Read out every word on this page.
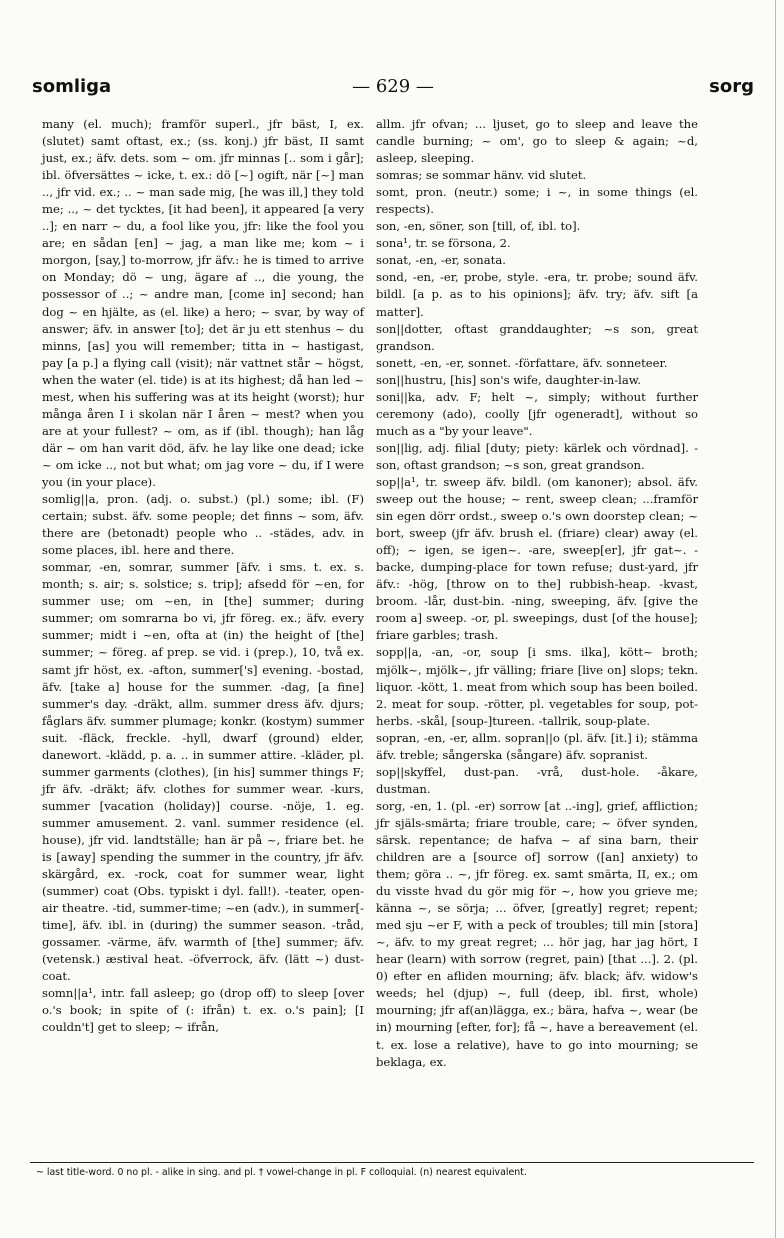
somliga	— 629 —	sorg

many (el. much); framför superl., jfr bäst, I, ex. (slutet) samt oftast, ex.; (ss. konj.) jfr bäst, II samt just, ex.; äfv. dets. som ~ om. jfr minnas [.. som i går]; ibl. öfversättes ~ icke, t. ex.: dö [~] ogift, när [~] man .., jfr vid. ex.; .. ~ man sade mig, [he was ill,] they told me; .., ~ det tycktes, [it had been], it appeared [a very ..]; en narr ~ du, a fool like you, jfr: like the fool you are; en sådan [en] ~ jag, a man like me; kom ~ i morgon, [say,] to-morrow, jfr äfv.: he is timed to arrive on Monday; dö ~ ung, ägare af .., die young, the possessor of ..; ~ andre man, [come in] second; han dog ~ en hjälte, as (el. like) a hero; ~ svar, by way of answer; äfv. in answer [to]; det är ju ett stenhus ~ du minns, [as] you will remember; titta in ~ hastigast, pay [a p.] a flying call (visit); när vattnet står ~ högst, when the water (el. tide) is at its highest; då han led ~ mest, when his suffering was at its height (worst); hur många åren I i skolan när I åren ~ mest? when you are at your fullest? ~ om, as if (ibl. though); han låg där ~ om han varit död, äfv. he lay like one dead; icke ~ om icke .., not but what; om jag vore ~ du, if I were you (in your place).

somlig||a, pron. (adj. o. subst.) (pl.) some; ibl. (F) certain; subst. äfv. some people; det finns ~ som, äfv. there are (betonadt) people who .. -städes, adv. in some places, ibl. here and there.

sommar, -en, somrar, summer [äfv. i sms. t. ex. s. month; s. air; s. solstice; s. trip]; afsedd för ~en, for summer use; om ~en, in [the] summer; during summer; om somrarna bo vi, jfr föreg. ex.; äfv. every summer; midt i ~en, ofta at (in) the height of [the] summer; ~ föreg. af prep. se vid. i (prep.), 10, två ex. samt jfr höst, ex. -afton, summer['s] evening. -bostad, äfv. [take a] house for the summer. -dag, [a fine] summer's day. -dräkt, allm. summer dress äfv. djurs; fåglars äfv. summer plumage; konkr. (kostym) summer suit. -fläck, freckle. -hyll, dwarf (ground) elder, danewort. -klädd, p. a. .. in summer attire. -kläder, pl. summer garments (clothes), [in his] summer things F; jfr äfv. -dräkt; äfv. clothes for summer wear. -kurs, summer [vacation (holiday)] course. -nöje, 1. eg. summer amusement. 2. vanl. summer residence (el. house), jfr vid. landtställe; han är på ~, friare bet. he is [away] spending the summer in the country, jfr äfv. skärgård, ex. -rock, coat for summer wear, light (summer) coat (Obs. typiskt i dyl. fall!). -teater, open-air theatre. -tid, summer-time; ~en (adv.), in summer[-time], äfv. ibl. in (during) the summer season. -tråd, gossamer. -värme, äfv. warmth of [the] summer; äfv. (vetensk.) æstival heat. -öfverrock, äfv. (lätt ~) dust-coat.

somn||a¹, intr. fall asleep; go (drop off) to sleep [over o.'s book; in spite of (: ifrån) t. ex. o.'s pain]; [I couldn't] get to sleep; ~ ifrån,

allm. jfr ofvan; ... ljuset, go to sleep and leave the candle burning; ~ om', go to sleep & again; ~d, asleep, sleeping.

somras; se sommar hänv. vid slutet.

somt, pron. (neutr.) some; i ~, in some things (el. respects).

son, -en, söner, son [till, of, ibl. to].

sona¹, tr. se försona, 2.

sonat, -en, -er, sonata.

sond, -en, -er, probe, style. -era, tr. probe; sound äfv. bildl. [a p. as to his opinions]; äfv. try; äfv. sift [a matter].

son||dotter, oftast granddaughter; ~s son, great grandson.

sonett, -en, -er, sonnet. -författare, äfv. sonneteer.

son||hustru, [his] son's wife, daughter-in-law.

soni||ka, adv. F; helt ~, simply; without further ceremony (ado), coolly [jfr ogeneradt], without so much as a "by your leave".

son||lig, adj. filial [duty; piety: kärlek och vördnad]. -son, oftast grandson; ~s son, great grandson.

sop||a¹, tr. sweep äfv. bildl. (om kanoner); absol. äfv. sweep out the house; ~ rent, sweep clean; ...framför sin egen dörr ordst., sweep o.'s own doorstep clean; ~ bort, sweep (jfr äfv. brush el. (friare) clear) away (el. off); ~ igen, se igen~. -are, sweep[er], jfr gat~. -backe, dumping-place for town refuse; dust-yard, jfr äfv.: -hög, [throw on to the] rubbish-heap. -kvast, broom. -lår, dust-bin. -ning, sweeping, äfv. [give the room a] sweep. -or, pl. sweepings, dust [of the house]; friare garbles; trash.

sopp||a, -an, -or, soup [i sms. ilka], kött~ broth; mjölk~, mjölk~, jfr välling; friare [live on] slops; tekn. liquor. -kött, 1. meat from which soup has been boiled. 2. meat for soup. -rötter, pl. vegetables for soup, pot-herbs. -skål, [soup-]tureen. -tallrik, soup-plate.

sopran, -en, -er, allm. sopran||o (pl. äfv. [it.] i); stämma äfv. treble; sångerska (sångare) äfv. sopranist.

sop||skyffel, dust-pan. -vrå, dust-hole. -åkare, dustman.

sorg, -en, 1. (pl. -er) sorrow [at ..-ing], grief, affliction; jfr själs-smärta; friare trouble, care; ~ öfver synden, särsk. repentance; de hafva ~ af sina barn, their children are a [source of] sorrow ([an] anxiety) to them; göra .. ~, jfr föreg. ex. samt smärta, II, ex.; om du visste hvad du gör mig för ~, how you grieve me; känna ~, se sörja; ... öfver, [greatly] regret; repent; med sju ~er F, with a peck of troubles; till min [stora] ~, äfv. to my great regret; ... hör jag, har jag hört, I hear (learn) with sorrow (regret, pain) [that ...]. 2. (pl. 0) efter en afliden mourning; äfv. black; äfv. widow's weeds; hel (djup) ~, full (deep, ibl. first, whole) mourning; jfr af(an)lägga, ex.; bära, hafva ~, wear (be in) mourning [efter, for]; få ~, have a bereavement (el. t. ex. lose a relative), have to go into mourning; se beklaga, ex.

~ last title-word. 0 no pl. - alike in sing. and pl. † vowel-change in pl. F colloquial. (n) nearest equivalent.
